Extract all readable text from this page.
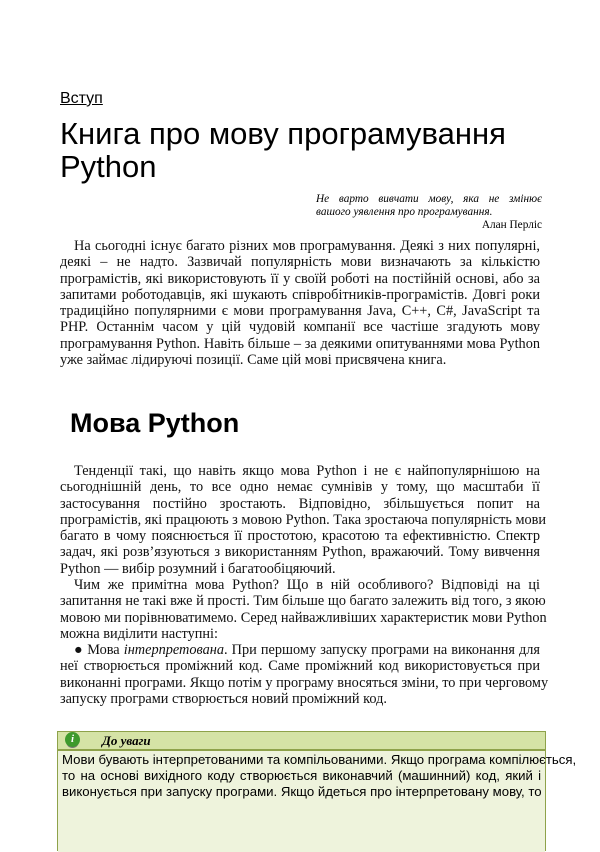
Вступ
Книга про мову програмування
Python
Не варто вивчати мову, яка не змінює
вашого уявлення про програмування.
Алан Перліс
На сьогодні існує багато різних мов програмування. Деякі з них популярні,
деякі – не надто. Зазвичай популярність мови визначають за кількістю
програмістів, які використовують її у своїй роботі на постійній основі, або за
запитами роботодавців, які шукають співробітників-програмістів. Довгі роки
традиційно популярними є мови програмування Java, C++, C#, JavaScript та
PHP. Останнім часом у цій чудовій компанії все частіше згадують мову
програмування Python. Навіть більше – за деякими опитуваннями мова Python
уже займає лідируючі позиції. Саме цій мові присвячена книга.
Мова Python
Тенденції такі, що навіть якщо мова Python і не є найпопулярнішою на
сьогоднішній день, то все одно немає сумнівів у тому, що масштаби її
застосування постійно зростають. Відповідно, збільшується попит на
програмістів, які працюють з мовою Python. Така зростаюча популярність мови
багато в чому пояснюється її простотою, красотою та ефективністю. Спектр
задач, які розв’язуються з використанням Python, вражаючий. Тому вивчення
Python — вибір розумний і багатообіцяючий.
Чим же примітна мова Python? Що в ній особливого? Відповіді на ці
запитання не такі вже й прості. Тим більше що багато залежить від того, з якою
мовою ми порівнюватимемо. Серед найважливіших характеристик мови Python
можна виділити наступні:
● Мова інтерпретована. При першому запуску програми на виконання для
неї створюється проміжний код. Саме проміжний код використовується при
виконанні програми. Якщо потім у програму вносяться зміни, то при черговому
запуску програми створюється новий проміжний код.
i	До уваги
Мови бувають інтерпретованими та компільованими. Якщо програма компілюється,
то на основі вихідного коду створюється виконавчий (машинний) код, який і
виконується при запуску програми. Якщо йдеться про інтерпретовану мову, то
